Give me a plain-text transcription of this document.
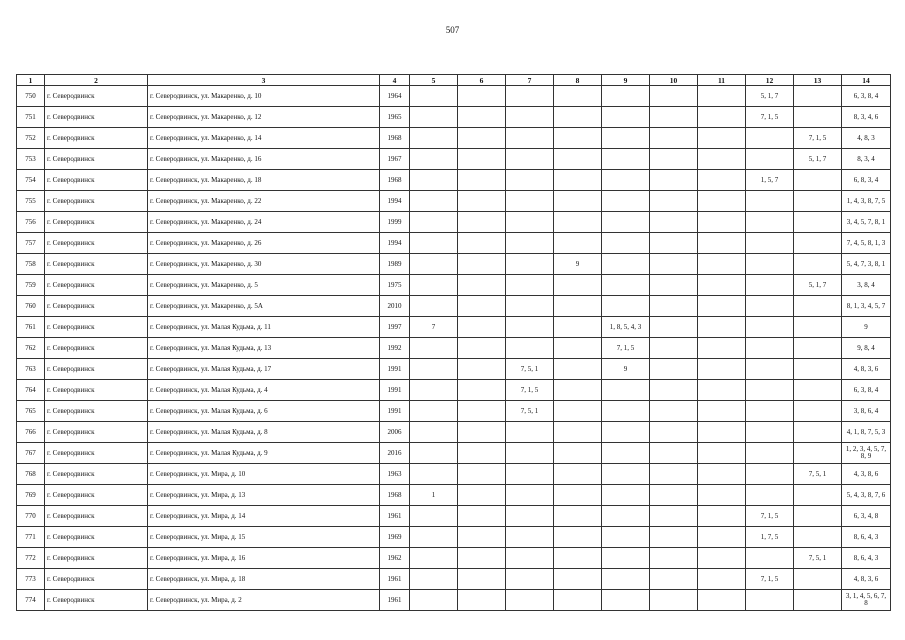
507
1	2	3	4	5	6	7	8	9	10	11	12	13	14
750	г. Северодвинск	г. Северодвинск, ул. Макаренко, д. 10	1964								5, 1, 7		6, 3, 8, 4
751	г. Северодвинск	г. Северодвинск, ул. Макаренко, д. 12	1965								7, 1, 5		8, 3, 4, 6
752	г. Северодвинск	г. Северодвинск, ул. Макаренко, д. 14	1968									7, 1, 5	4, 8, 3
753	г. Северодвинск	г. Северодвинск, ул. Макаренко, д. 16	1967									5, 1, 7	8, 3, 4
754	г. Северодвинск	г. Северодвинск, ул. Макаренко, д. 18	1968								1, 5, 7		6, 8, 3, 4
755	г. Северодвинск	г. Северодвинск, ул. Макаренко, д. 22	1994										1, 4, 3, 8, 7, 5
756	г. Северодвинск	г. Северодвинск, ул. Макаренко, д. 24	1999										3, 4, 5, 7, 8, 1
757	г. Северодвинск	г. Северодвинск, ул. Макаренко, д. 26	1994										7, 4, 5, 8, 1, 3
758	г. Северодвинск	г. Северодвинск, ул. Макаренко, д. 30	1989				9						5, 4, 7, 3, 8, 1
759	г. Северодвинск	г. Северодвинск, ул. Макаренко, д. 5	1975									5, 1, 7	3, 8, 4
760	г. Северодвинск	г. Северодвинск, ул. Макаренко, д. 5А	2010										8, 1, 3, 4, 5, 7
761	г. Северодвинск	г. Северодвинск, ул. Малая Кудьма, д. 11	1997	7				1, 8, 5, 4, 3					9
762	г. Северодвинск	г. Северодвинск, ул. Малая Кудьма, д. 13	1992					7, 1, 5					9, 8, 4
763	г. Северодвинск	г. Северодвинск, ул. Малая Кудьма, д. 17	1991			7, 5, 1		9					4, 8, 3, 6
764	г. Северодвинск	г. Северодвинск, ул. Малая Кудьма, д. 4	1991			7, 1, 5							6, 3, 8, 4
765	г. Северодвинск	г. Северодвинск, ул. Малая Кудьма, д. 6	1991			7, 5, 1							3, 8, 6, 4
766	г. Северодвинск	г. Северодвинск, ул. Малая Кудьма, д. 8	2006										4, 1, 8, 7, 5, 3
767	г. Северодвинск	г. Северодвинск, ул. Малая Кудьма, д. 9	2016										1, 2, 3, 4, 5, 7, 8, 9
768	г. Северодвинск	г. Северодвинск, ул. Мира, д. 10	1963									7, 5, 1	4, 3, 8, 6
769	г. Северодвинск	г. Северодвинск, ул. Мира, д. 13	1968	1									5, 4, 3, 8, 7, 6
770	г. Северодвинск	г. Северодвинск, ул. Мира, д. 14	1961								7, 1, 5		6, 3, 4, 8
771	г. Северодвинск	г. Северодвинск, ул. Мира, д. 15	1969								1, 7, 5		8, 6, 4, 3
772	г. Северодвинск	г. Северодвинск, ул. Мира, д. 16	1962									7, 5, 1	8, 6, 4, 3
773	г. Северодвинск	г. Северодвинск, ул. Мира, д. 18	1961								7, 1, 5		4, 8, 3, 6
774	г. Северодвинск	г. Северодвинск, ул. Мира, д. 2	1961										3, 1, 4, 5, 6, 7, 8
